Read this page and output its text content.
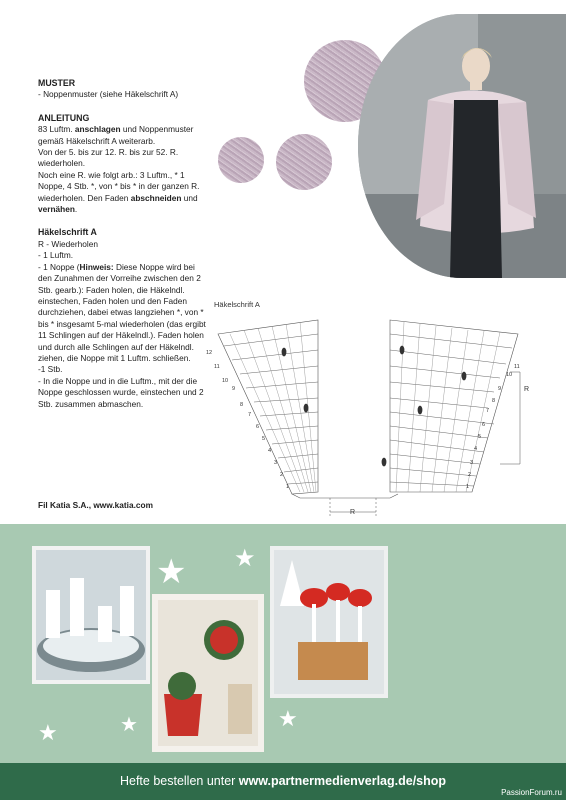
MUSTER
- Noppenmuster (siehe Häkelschrift A)
ANLEITUNG
83 Luftm. anschlagen und Noppenmuster gemäß Häkelschrift A weiterarb.
Von der 5. bis zur 12. R. bis zur 52. R. wiederholen.
Noch eine R. wie folgt arb.: 3 Luftm., * 1 Noppe, 4 Stb. *, von * bis * in der ganzen R. wiederholen. Den Faden abschneiden und vernähen.
Häkelschrift A
R - Wiederholen
- 1 Luftm.
- 1 Noppe (Hinweis: Diese Noppe wird bei den Zunahmen der Vorreihe zwischen den 2 Stb. gearb.): Faden holen, die Häkelndl. einstechen, Faden holen und den Faden durchziehen, dabei etwas langziehen *, von * bis * insgesamt 5-mal wiederholen (das ergibt 11 Schlingen auf der Häkelndl.). Faden holen und durch alle Schlingen auf der Häkelndl. ziehen, die Noppe mit 1 Luftm. schließen.
-1 Stb.
- In die Noppe und in die Luftm., mit der die Noppe geschlossen wurde, einstechen und 2 Stb. zusammen abmaschen.
Fil Katia S.A., www.katia.com
Häkelschrift A
R
R
12
11
10
9
8
7
6
5
4
3
2
1
11
10
9
8
7
6
5
4
3
2
1
★
★
★
★
★
Hefte bestellen unter www.partnermedienverlag.de/shop
PassionForum.ru
